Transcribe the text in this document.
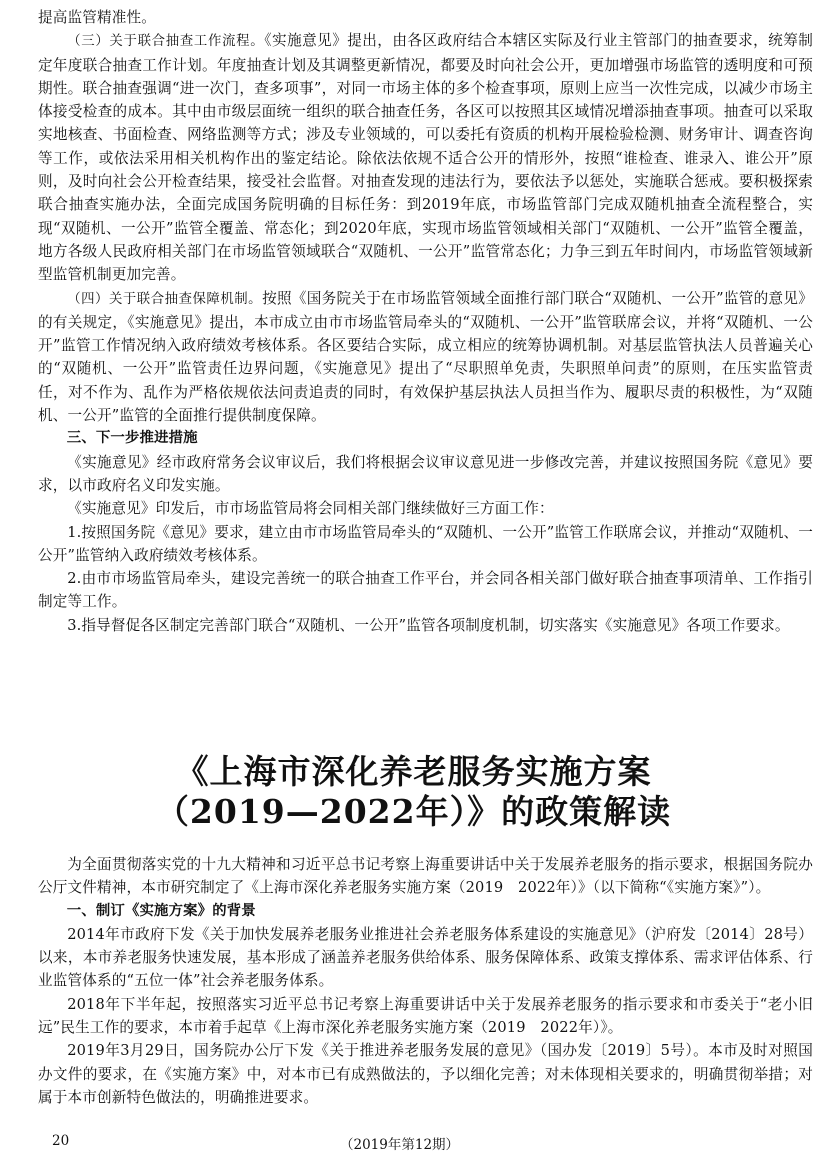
提高监管精准性。

（三）关于联合抽查工作流程。《实施意见》提出，由各区政府结合本辖区实际及行业主管部门的抽查要求，统筹制定年度联合抽查工作计划。年度抽查计划及其调整更新情况，都要及时向社会公开，更加增强市场监管的透明度和可预期性。联合抽查强调“进一次门，查多项事”，对同一市场主体的多个检查事项，原则上应当一次性完成，以减少市场主体接受检查的成本。其中由市级层面统一组织的联合抽查任务，各区可以按照其区域情况增添抽查事项。抽查可以采取实地核查、书面检查、网络监测等方式；涉及专业领域的，可以委托有资质的机构开展检验检测、财务审计、调查咨询等工作，或依法采用相关机构作出的鉴定结论。除依法依规不适合公开的情形外，按照“谁检查、谁录入、谁公开”原则，及时向社会公开检查结果，接受社会监督。对抽查发现的违法行为，要依法予以惩处，实施联合惩戒。要积极探索联合抽查实施办法，全面完成国务院明确的目标任务：到2019年底，市场监管部门完成双随机抽查全流程整合，实现“双随机、一公开”监管全覆盖、常态化；到2020年底，实现市场监管领域相关部门“双随机、一公开”监管全覆盖，地方各级人民政府相关部门在市场监管领域联合“双随机、一公开”监管常态化；力争三到五年时间内，市场监管领域新型监管机制更加完善。

（四）关于联合抽查保障机制。按照《国务院关于在市场监管领域全面推行部门联合“双随机、一公开”监管的意见》的有关规定，《实施意见》提出，本市成立由市市场监管局牵头的“双随机、一公开”监管联席会议，并将“双随机、一公开”监管工作情况纳入政府绩效考核体系。各区要结合实际，成立相应的统筹协调机制。对基层监管执法人员普遍关心的“双随机、一公开”监管责任边界问题，《实施意见》提出了“尽职照单免责，失职照单问责”的原则，在压实监管责任，对不作为、乱作为严格依规依法问责追责的同时，有效保护基层执法人员担当作为、履职尽责的积极性，为“双随机、一公开”监管的全面推行提供制度保障。

三、下一步推进措施

《实施意见》经市政府常务会议审议后，我们将根据会议审议意见进一步修改完善，并建议按照国务院《意见》要求，以市政府名义印发实施。

《实施意见》印发后，市市场监管局将会同相关部门继续做好三方面工作：

1.按照国务院《意见》要求，建立由市市场监管局牵头的“双随机、一公开”监管工作联席会议，并推动“双随机、一公开”监管纳入政府绩效考核体系。

2.由市市场监管局牵头，建设完善统一的联合抽查工作平台，并会同各相关部门做好联合抽查事项清单、工作指引制定等工作。

3.指导督促各区制定完善部门联合“双随机、一公开”监管各项制度机制，切实落实《实施意见》各项工作要求。

《上海市深化养老服务实施方案
（2019—2022年）》的政策解读

为全面贯彻落实党的十九大精神和习近平总书记考察上海重要讲话中关于发展养老服务的指示要求，根据国务院办公厅文件精神，本市研究制定了《上海市深化养老服务实施方案（2019　2022年）》（以下简称“《实施方案》”）。

一、制订《实施方案》的背景

2014年市政府下发《关于加快发展养老服务业推进社会养老服务体系建设的实施意见》（沪府发〔2014〕28号）以来，本市养老服务快速发展，基本形成了涵盖养老服务供给体系、服务保障体系、政策支撑体系、需求评估体系、行业监管体系的“五位一体”社会养老服务体系。

2018年下半年起，按照落实习近平总书记考察上海重要讲话中关于发展养老服务的指示要求和市委关于“老小旧远”民生工作的要求，本市着手起草《上海市深化养老服务实施方案（2019　2022年）》。

2019年3月29日，国务院办公厅下发《关于推进养老服务发展的意见》（国办发〔2019〕5号）。本市及时对照国办文件的要求，在《实施方案》中，对本市已有成熟做法的，予以细化完善；对未体现相关要求的，明确贯彻举措；对属于本市创新特色做法的，明确推进要求。

20	（2019年第12期）
